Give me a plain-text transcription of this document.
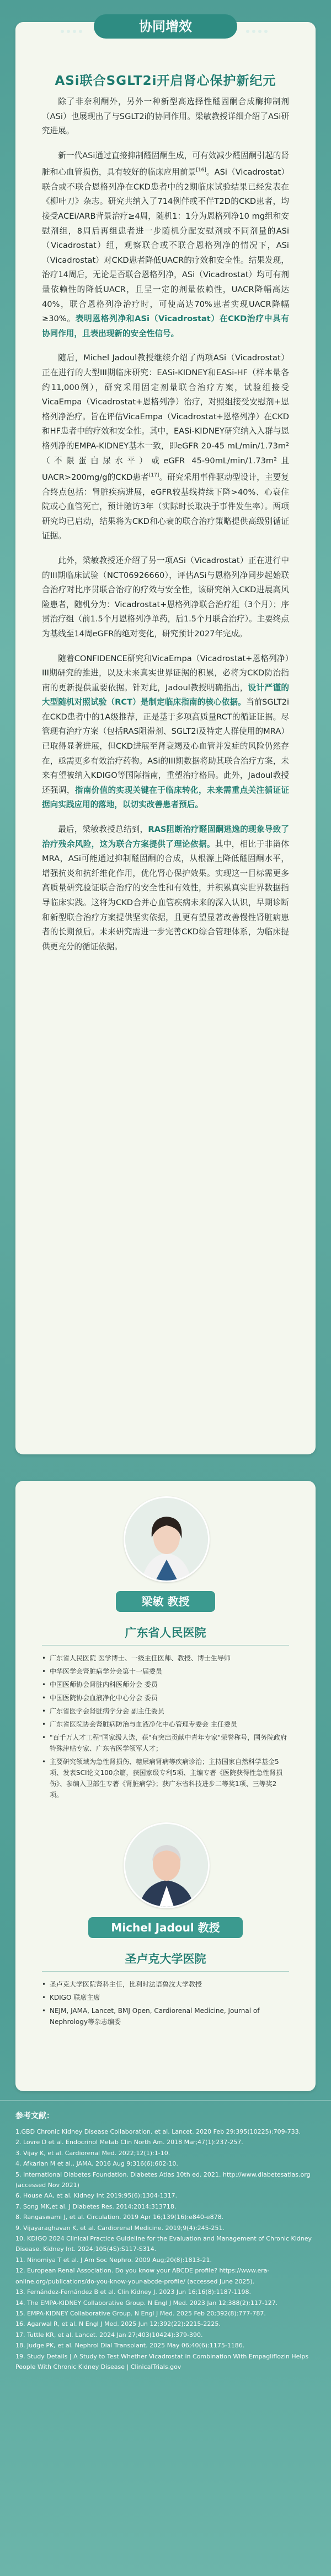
协同增效
ASi联合SGLT2i开启肾心保护新纪元

除了非奈利酮外，另外一种新型高选择性醛固酮合成酶抑制剂（ASi）也展现出了与SGLT2i的协同作用。梁敏教授详细介绍了ASi研究进展。

新一代ASi通过直接抑制醛固酮生成，可有效减少醛固酮引起的肾脏和心血管损伤，具有较好的临床应用前景[16]。ASi（Vicadrostat）联合或不联合恩格列净在CKD患者中的2期临床试验结果已经发表在《柳叶刀》杂志。研究共纳入了714例伴或不伴T2D的CKD患者，均接受ACEi/ARB背景治疗≥4周，随机1：1分为恩格列净10 mg组和安慰剂组，8周后再组患者进一步随机分配安慰剂或不同剂量的ASi（Vicadrostat）组，观察联合或不联合恩格列净的情况下，ASi（Vicadrostat）对CKD患者降低UACR的疗效和安全性。结果发现，治疗14周后，无论是否联合恩格列净，ASi（Vicadrostat）均可有剂量依赖性的降低UACR，且呈一定的剂量依赖性，UACR降幅高达40%，联合恩格列净治疗时，可使高达70%患者实现UACR降幅≥30%。表明恩格列净和ASi（Vicadrostat）在CKD治疗中具有协同作用，且表出现新的安全性信号。

随后，Michel Jadoul教授继续介绍了两项ASi（Vicadrostat）正在进行的大型III期临床研究：EASi-KIDNEY和EASi-HF（样本量各约11,000例），研究采用固定剂量联合治疗方案，试验组接受VicaEmpa（Vicadrostat+恩格列净）治疗，对照组接受安慰剂+恩格列净治疗。旨在评估VicaEmpa（Vicadrostat+恩格列净）在CKD和HF患者中的疗效和安全性。其中，EASi-KIDNEY研究纳入入群与恩格列净的EMPA-KIDNEY基本一致，即eGFR 20-45 mL/min/1.73m²（不限蛋白尿水平）或eGFR 45-90mL/min/1.73m²且UACR>200mg/g的CKD患者[17]。研究采用事件驱动型设计，主要复合终点包括：肾脏疾病进展，eGFR较基线持续下降>40%、心衰住院或心血管死亡，预计随访3年（实际时长取决于事件发生率）。两项研究均已启动，结果将为CKD和心衰的联合治疗策略提供高级别循证证据。

此外，梁敏教授还介绍了另一项ASi（Vicadrostat）正在进行中的III期临床试验（NCT06926660），评估ASi与恩格列净同步起始联合治疗对比序贯联合治疗的疗效与安全性，该研究纳入CKD进展高风险患者，随机分为：Vicadrostat+恩格列净联合治疗组（3个月）；序贯治疗组（前1.5个月恩格列净单药，后1.5个月联合治疗）。主要终点为基线至14周eGFR的绝对变化，研究预计2027年完成。

随着CONFIDENCE研究和VicaEmpa（Vicadrostat+恩格列净）III期研究的推进，以及未来真实世界证据的积累，必将为CKD防治指南的更新提供重要依据。针对此，Jadoul教授明确指出，设计严谨的大型随机对照试验（RCT）是制定临床指南的核心依据。当前SGLT2i在CKD患者中的1A级推荐，正是基于多项高质量RCT的循证证据。尽管现有治疗方案（包括RAS阻滞剂、SGLT2i及特定人群使用的MRA）已取得显著进展，但CKD进展至肾衰竭及心血管并发症的风险仍然存在，亟需更多有效治疗药物。ASi的III期数据将助其联合治疗方案，未来有望被纳入KDIGO等国际指南，重塑治疗格局。此外，Jadoul教授还强调，指南价值的实现关键在于临床转化，未来需重点关注循证证据向实践应用的落地，以切实改善患者预后。

最后，梁敏教授总结到，RAS阻断治疗醛固酮逃逸的现象导致了治疗残余风险，这为联合方案提供了理论依据。其中，相比于非甾体MRA，ASi可能通过抑制醛固酮的合成，从根源上降低醛固酮水平，增强抗炎和抗纤维化作用，优化肾心保护效果。实现这一目标需更多高质量研究验证联合治疗的安全性和有效性，并积累真实世界数据指导临床实践。这将为CKD合并心血管疾病未来的深入认识，早期诊断和新型联合治疗方案提供坚实依据，且更有望显著改善慢性肾脏病患者的长期预后。未来研究需进一步完善CKD综合管理体系，为临床提供更充分的循证依据。

梁敏 教授
广东省人民医院
• 广东省人民医院 医学博士、一级主任医师、教授、博士生导师
• 中华医学会肾脏病学分会第十一届委员
• 中国医师协会肾脏内科医师分会 委员
• 中国医院协会血液净化中心分会 委员
• 广东省医学会肾脏病学分会 副主任委员
• 广东省医院协会肾脏病防治与血液净化中心管理专委会 主任委员
• "百千万人才工程"国家级人选，获"有突出贡献中青年专家"荣誉称号，国务院政府特殊津贴专家、广东省医学领军人才；
• 主要研究领域为急性肾损伤、糖尿病肾病等疾病诊治；主持国家自然科学基金5项、发表SCI论文100余篇，获国家级专利5项、主编专著《医院获得性急性肾损伤》、参编入卫部生专著《肾脏病学》；获广东省科技进步二等奖1项、三等奖2项。
Michel Jadoul 教授
圣卢克大学医院
• 圣卢克大学医院肾科主任，比利时法语鲁汶大学教授
• KDIGO 联席主席
• NEJM, JAMA, Lancet, BMJ Open, Cardiorenal Medicine, Journal of Nephrology等杂志编委
参考文献：
1.GBD Chronic Kidney Disease Collaboration. et al. Lancet. 2020 Feb 29;395(10225):709-733.
2. Lovre D et al. Endocrinol Metab Clin North Am. 2018 Mar;47(1):237-257.
3. Vijay K, et al. Cardiorenal Med. 2022;12(1):1-10.
4. Afkarian M et al., JAMA. 2016 Aug 9;316(6):602-10.
5. International Diabetes Foundation. Diabetes Atlas 10th ed. 2021. http://www.diabetesatlas.org (accessed Nov 2021)
6. House AA, et al. Kidney Int 2019;95(6):1304-1317.
7. Song MK,et al. J Diabetes Res. 2014;2014:313718.
8. Rangaswami J, et al. Circulation. 2019 Apr 16;139(16):e840-e878.
9. Vijayaraghavan K, et al. Cardiorenal Medicine. 2019;9(4):245-251.
10. KDIGO 2024 Clinical Practice Guideline for the Evaluation and Management of Chronic Kidney Disease. Kidney Int. 2024;105(4S):S117-S314.
11. Ninomiya T et al. J Am Soc Nephro. 2009 Aug;20(8):1813-21.
12. European Renal Association. Do you know your ABCDE profile? https://www.era-online.org/publications/do-you-know-your-abcde-profile/ (accessed June 2025).
13. Fernández-Fernández B et al. Clin Kidney J. 2023 Jun 16;16(8):1187-1198.
14. The EMPA-KIDNEY Collaborative Group. N Engl J Med. 2023 Jan 12;388(2):117-127.
15. EMPA-KIDNEY Collaborative Group. N Engl J Med. 2025 Feb 20;392(8):777-787.
16. Agarwal R, et al. N Engl J Med. 2025 Jun 12;392(22):2215-2225.
17. Tuttle KR, et al. Lancet. 2024 Jan 27;403(10424):379-390.
18. Judge PK, et al. Nephrol Dial Transplant. 2025 May 06;40(6):1175-1186.
19. Study Details | A Study to Test Whether Vicadrostat in Combination With Empagliflozin Helps People With Chronic Kidney Disease | ClinicalTrials.gov
